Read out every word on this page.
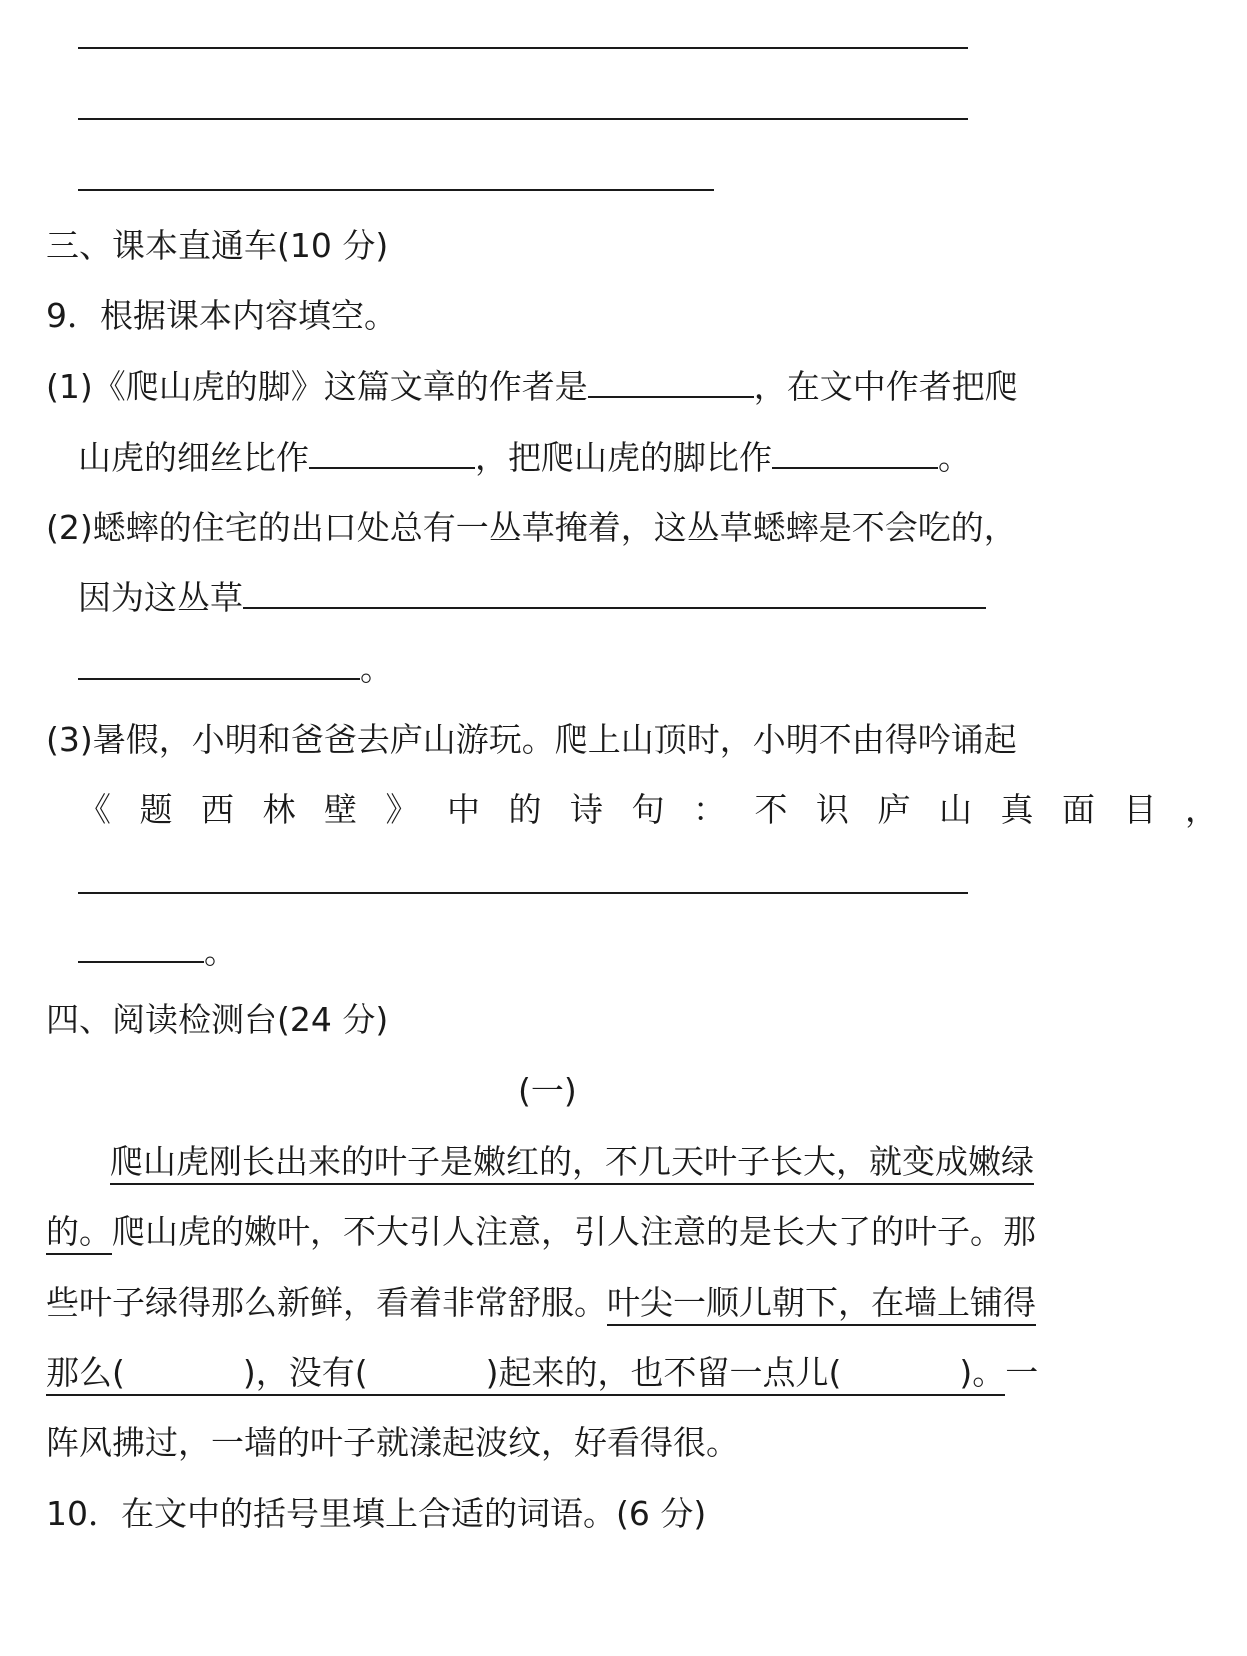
三、课本直通车(10 分)
9．根据课本内容填空。
(1)《爬山虎的脚》这篇文章的作者是	，在文中作者把爬
山虎的细丝比作	，把爬山虎的脚比作	。
(2)蟋蟀的住宅的出口处总有一丛草掩着，这丛草蟋蟀是不会吃的，
因为这丛草
。
(3)暑假，小明和爸爸去庐山游玩。爬上山顶时，小明不由得吟诵起
《题西林壁》中的诗句：不识庐山真面目，
。
四、阅读检测台(24 分)
(一)
爬山虎刚长出来的叶子是嫩红的，不几天叶子长大，就变成嫩绿
的。爬山虎的嫩叶，不大引人注意，引人注意的是长大了的叶子。那
些叶子绿得那么新鲜，看着非常舒服。叶尖一顺儿朝下，在墙上铺得
那么(	)，没有(	)起来的，也不留一点儿(	)。一
阵风拂过，一墙的叶子就漾起波纹，好看得很。
10．在文中的括号里填上合适的词语。(6 分)
